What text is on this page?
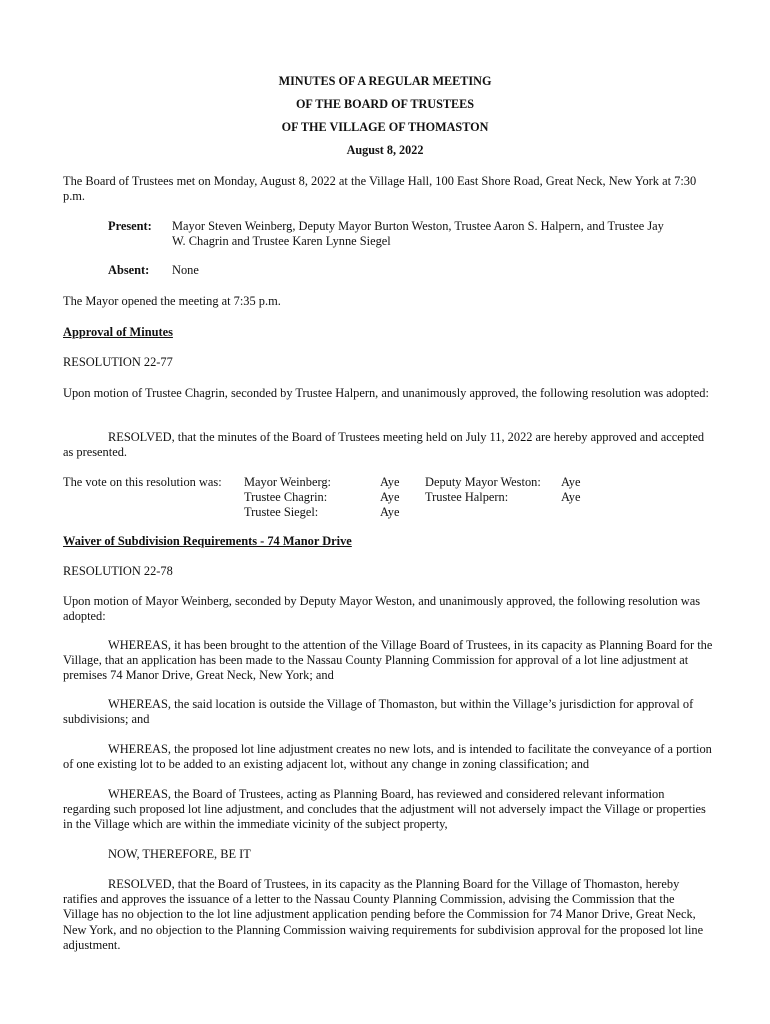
MINUTES OF A REGULAR MEETING
OF THE BOARD OF TRUSTEES
OF THE VILLAGE OF THOMASTON
August 8, 2022
The Board of Trustees met on Monday, August 8, 2022 at the Village Hall, 100 East Shore Road, Great Neck, New York at 7:30 p.m.
Present: Mayor Steven Weinberg, Deputy Mayor Burton Weston, Trustee Aaron S. Halpern, and Trustee Jay W. Chagrin and Trustee Karen Lynne Siegel
Absent: None
The Mayor opened the meeting at 7:35 p.m.
Approval of Minutes
RESOLUTION 22-77
Upon motion of Trustee Chagrin, seconded by Trustee Halpern, and unanimously approved, the following resolution was adopted:
RESOLVED, that the minutes of the Board of Trustees meeting held on July 11, 2022 are hereby approved and accepted as presented.
The vote on this resolution was: Mayor Weinberg:
Trustee Chagrin:
Trustee Siegel:
Aye
Aye
Aye
Deputy Mayor Weston:
Trustee Halpern:
Aye
Aye
Waiver of Subdivision Requirements - 74 Manor Drive
RESOLUTION 22-78
Upon motion of Mayor Weinberg, seconded by Deputy Mayor Weston, and unanimously approved, the following resolution was adopted:
WHEREAS, it has been brought to the attention of the Village Board of Trustees, in its capacity as Planning Board for the Village, that an application has been made to the Nassau County Planning Commission for approval of a lot line adjustment at premises 74 Manor Drive, Great Neck, New York; and
WHEREAS, the said location is outside the Village of Thomaston, but within the Village’s jurisdiction for approval of subdivisions; and
WHEREAS, the proposed lot line adjustment creates no new lots, and is intended to facilitate the conveyance of a portion of one existing lot to be added to an existing adjacent lot, without any change in zoning classification; and
WHEREAS, the Board of Trustees, acting as Planning Board, has reviewed and considered relevant information regarding such proposed lot line adjustment, and concludes that the adjustment will not adversely impact the Village or properties in the Village which are within the immediate vicinity of the subject property,
NOW, THEREFORE, BE IT
RESOLVED, that the Board of Trustees, in its capacity as the Planning Board for the Village of Thomaston, hereby ratifies and approves the issuance of a letter to the Nassau County Planning Commission, advising the Commission that the Village has no objection to the lot line adjustment application pending before the Commission for 74 Manor Drive, Great Neck, New York, and no objection to the Planning Commission waiving requirements for subdivision approval for the proposed lot line adjustment.
